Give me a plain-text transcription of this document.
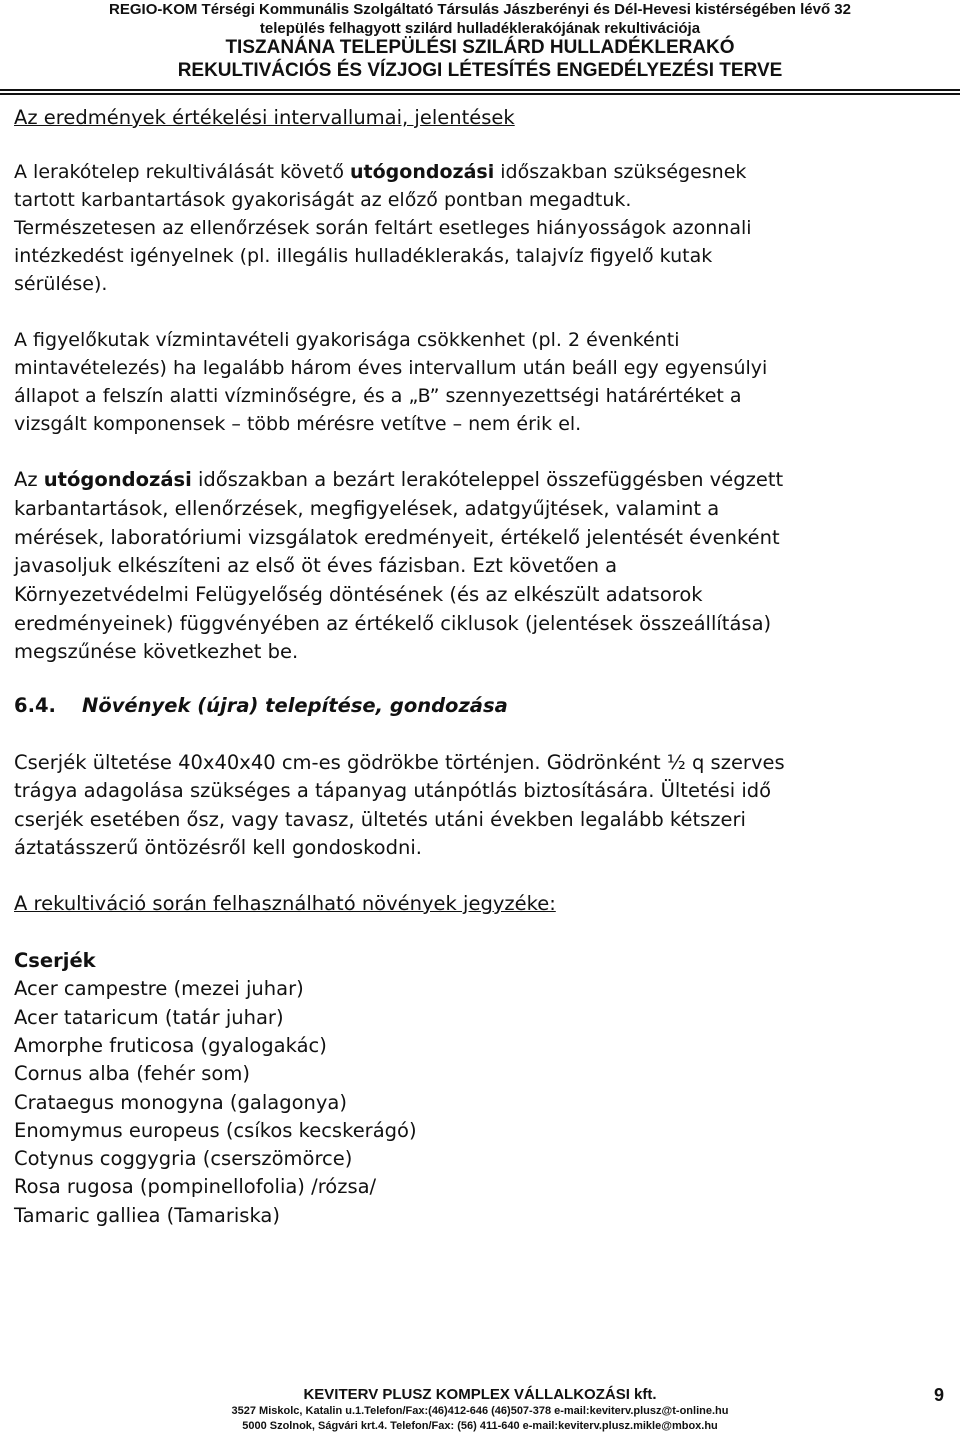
REGIO-KOM Térségi Kommunális Szolgáltató Társulás Jászberényi és Dél-Hevesi kistérségében lévő 32
település felhagyott szilárd hulladéklerakójának rekultivációja
TISZANÁNA TELEPÜLÉSI SZILÁRD HULLADÉKLERAKÓ
REKULTIVÁCIÓS ÉS VÍZJOGI LÉTESÍTÉS ENGEDÉLYEZÉSI TERVE
Az eredmények értékelési intervallumai, jelentések
A lerakótelep rekultiválását követő utógondozási időszakban szükségesnek
tartott karbantartások gyakoriságát az előző pontban megadtuk.
Természetesen az ellenőrzések során feltárt esetleges hiányosságok azonnali
intézkedést igényelnek (pl. illegális hulladéklerakás, talajvíz figyelő kutak
sérülése).
A figyelőkutak vízmintavételi gyakorisága csökkenhet (pl. 2 évenkénti
mintavételezés) ha legalább három éves intervallum után beáll egy egyensúlyi
állapot a felszín alatti vízminőségre, és a „B” szennyezettségi határértéket a
vizsgált komponensek – több mérésre vetítve – nem érik el.
Az utógondozási időszakban a bezárt lerakóteleppel összefüggésben végzett
karbantartások, ellenőrzések, megfigyelések, adatgyűjtések, valamint a
mérések, laboratóriumi vizsgálatok eredményeit, értékelő jelentését évenként
javasoljuk elkészíteni az első öt éves fázisban. Ezt követően a
Környezetvédelmi Felügyelőség döntésének (és az elkészült adatsorok
eredményeinek) függvényében az értékelő ciklusok (jelentések összeállítása)
megszűnése következhet be.
6.4. Növények (újra) telepítése, gondozása
Cserjék ültetése 40x40x40 cm-es gödrökbe történjen. Gödrönként ½ q szerves
trágya adagolása szükséges a tápanyag utánpótlás biztosítására. Ültetési idő
cserjék esetében ősz, vagy tavasz, ültetés utáni években legalább kétszeri
áztatásszerű öntözésről kell gondoskodni.
A rekultiváció során felhasználható növények jegyzéke:
Cserjék
Acer campestre (mezei juhar)
Acer tataricum (tatár juhar)
Amorphe fruticosa (gyalogakác)
Cornus alba (fehér som)
Crataegus monogyna (galagonya)
Enomymus europeus (csíkos kecskerágó)
Cotynus coggygria (cserszömörce)
Rosa rugosa (pompinellofolia) /rózsa/
Tamaric galliea (Tamariska)
KEVITERV PLUSZ KOMPLEX VÁLLALKOZÁSI kft.
3527 Miskolc, Katalin u.1.Telefon/Fax:(46)412-646 (46)507-378 e-mail:keviterv.plusz@t-online.hu
5000 Szolnok, Ságvári krt.4. Telefon/Fax: (56) 411-640 e-mail:keviterv.plusz.mikle@mbox.hu
9
